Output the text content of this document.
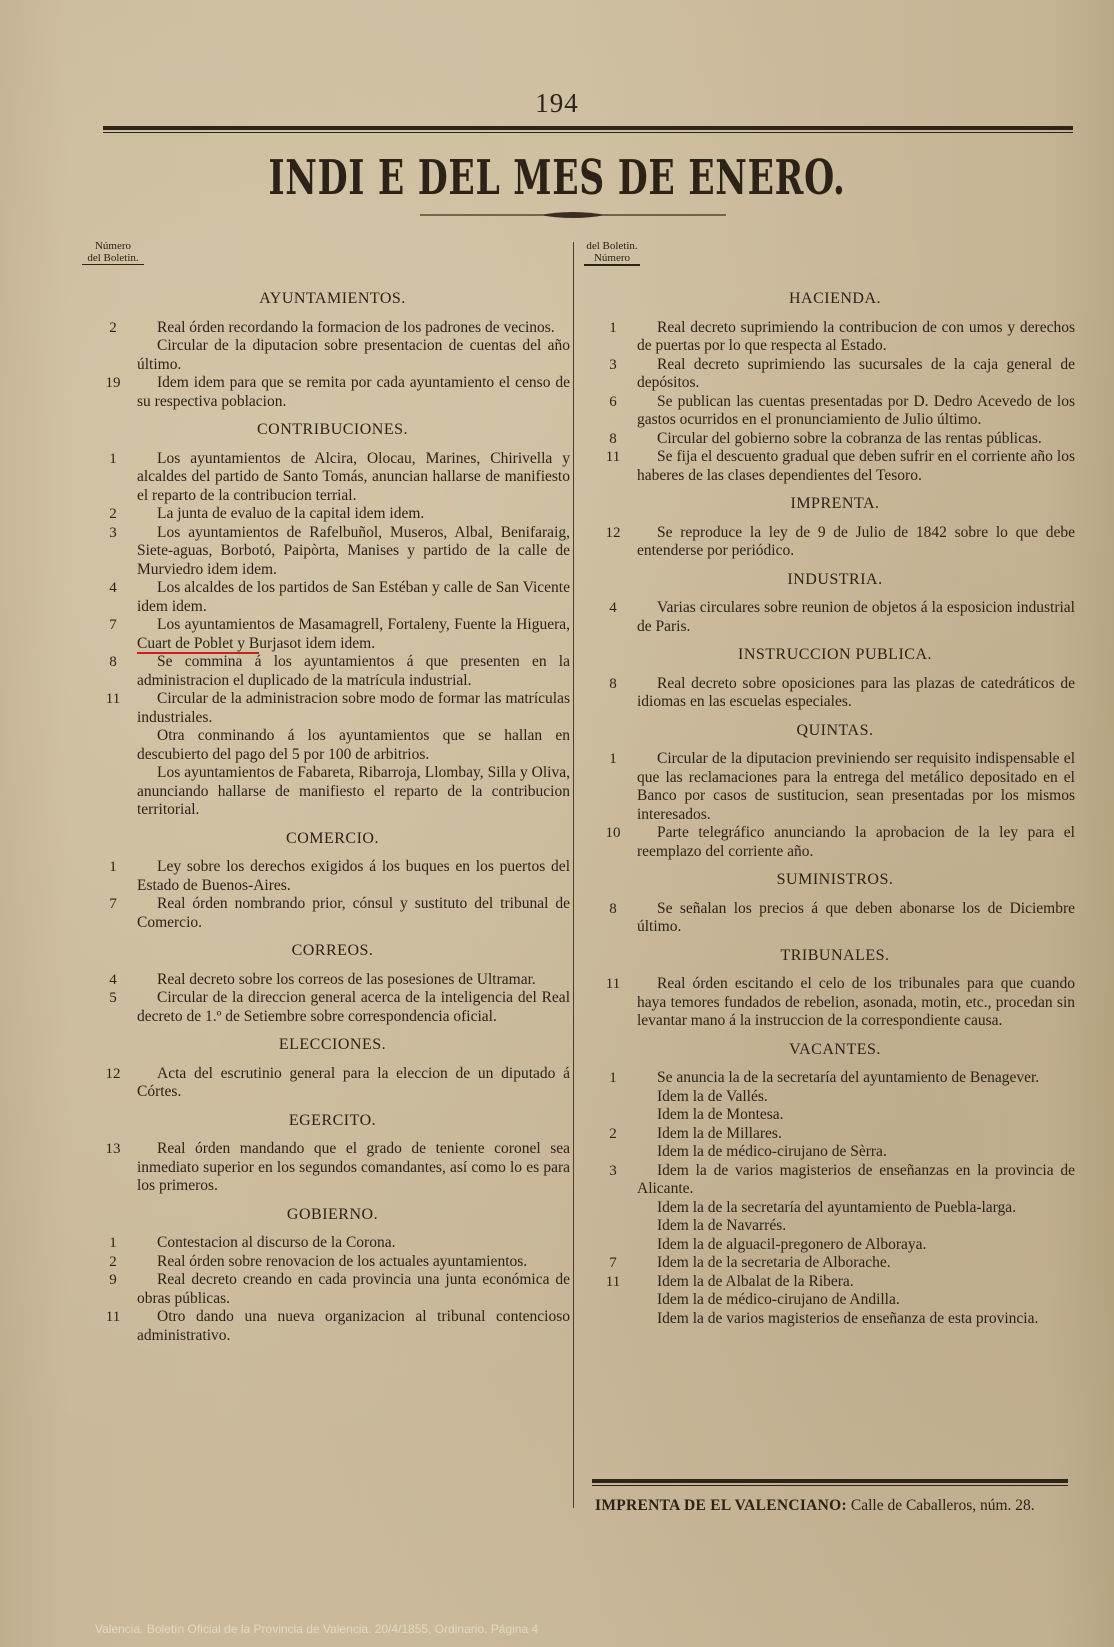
194
INDI E DEL MES DE ENERO.
Número

del Boletin.
del Boletin.

Número
AYUNTAMIENTOS.
2	Real órden recordando la formacion de los padrones de vecinos.
Circular de la diputacion sobre presentacion de cuentas del año último.
19	Idem idem para que se remita por cada ayuntamiento el censo de su respectiva poblacion.
CONTRIBUCIONES.
1	Los ayuntamientos de Alcira, Olocau, Marines, Chirivella y alcaldes del partido de Santo Tomás, anuncian hallarse de manifiesto el reparto de la contribucion terrial.
2	La junta de evaluo de la capital idem idem.
3	Los ayuntamientos de Rafelbuñol, Museros, Albal, Benifaraig, Siete-aguas, Borbotó, Paipòrta, Manises y partido de la calle de Murviedro idem idem.
4	Los alcaldes de los partidos de San Estéban y calle de San Vicente idem idem.
7	Los ayuntamientos de Masamagrell, Fortaleny, Fuente la Higuera, Cuart de Poblet y Burjasot idem idem.
8	Se commina á los ayuntamientos á que presenten en la administracion el duplicado de la matrícula industrial.
11	Circular de la administracion sobre modo de formar las matrículas industriales.
Otra conminando á los ayuntamientos que se hallan en descubierto del pago del 5 por 100 de arbitrios.
Los ayuntamientos de Fabareta, Ribarroja, Llombay, Silla y Oliva, anunciando hallarse de manifiesto el reparto de la contribucion territorial.
COMERCIO.
1	Ley sobre los derechos exigidos á los buques en los puertos del Estado de Buenos-Aires.
7	Real órden nombrando prior, cónsul y sustituto del tribunal de Comercio.
CORREOS.
4	Real decreto sobre los correos de las posesiones de Ultramar.
5	Circular de la direccion general acerca de la inteligencia del Real decreto de 1.º de Setiembre sobre correspondencia oficial.
ELECCIONES.
12	Acta del escrutinio general para la eleccion de un diputado á Córtes.
EGERCITO.
13	Real órden mandando que el grado de teniente coronel sea inmediato superior en los segundos comandantes, así como lo es para los primeros.
GOBIERNO.
1	Contestacion al discurso de la Corona.
2	Real órden sobre renovacion de los actuales ayuntamientos.
9	Real decreto creando en cada provincia una junta económica de obras públicas.
11	Otro dando una nueva organizacion al tribunal contencioso administrativo.
HACIENDA.
1	Real decreto suprimiendo la contribucion de con umos y derechos de puertas por lo que respecta al Estado.
3	Real decreto suprimiendo las sucursales de la caja general de depósitos.
6	Se publican las cuentas presentadas por D. Dedro Acevedo de los gastos ocurridos en el pronunciamiento de Julio último.
8	Circular del gobierno sobre la cobranza de las rentas públicas.
11	Se fija el descuento gradual que deben sufrir en el corriente año los haberes de las clases dependientes del Tesoro.
IMPRENTA.
12	Se reproduce la ley de 9 de Julio de 1842 sobre lo que debe entenderse por periódico.
INDUSTRIA.
4	Varias circulares sobre reunion de objetos á la esposicion industrial de Paris.
INSTRUCCION PUBLICA.
8	Real decreto sobre oposiciones para las plazas de catedráticos de idiomas en las escuelas especiales.
QUINTAS.
1	Circular de la diputacion previniendo ser requisito indispensable el que las reclamaciones para la entrega del metálico depositado en el Banco por casos de sustitucion, sean presentadas por los mismos interesados.
10	Parte telegráfico anunciando la aprobacion de la ley para el reemplazo del corriente año.
SUMINISTROS.
8	Se señalan los precios á que deben abonarse los de Diciembre último.
TRIBUNALES.
11	Real órden escitando el celo de los tribunales para que cuando haya temores fundados de rebelion, asonada, motin, etc., procedan sin levantar mano á la instruccion de la correspondiente causa.
VACANTES.
1	Se anuncia la de la secretaría del ayuntamiento de Benagever.
Idem la de Vallés.
Idem la de Montesa.
2	Idem la de Millares.
Idem la de médico-cirujano de Sèrra.
3	Idem la de varios magisterios de enseñanzas en la provincia de Alicante.
Idem la de la secretaría del ayuntamiento de Puebla-larga.
Idem la de Navarrés.
Idem la de alguacil-pregonero de Alboraya.
7	Idem la de la secretaria de Alborache.
11	Idem la de Albalat de la Ribera.
Idem la de médico-cirujano de Andilla.
Idem la de varios magisterios de enseñanza de esta provincia.
IMPRENTA DE EL VALENCIANO: Calle de Caballeros, núm. 28.
Valencia. Boletín Oficial de la Provincia de Valencia. 20/4/1855, Ordinario. Página 4
